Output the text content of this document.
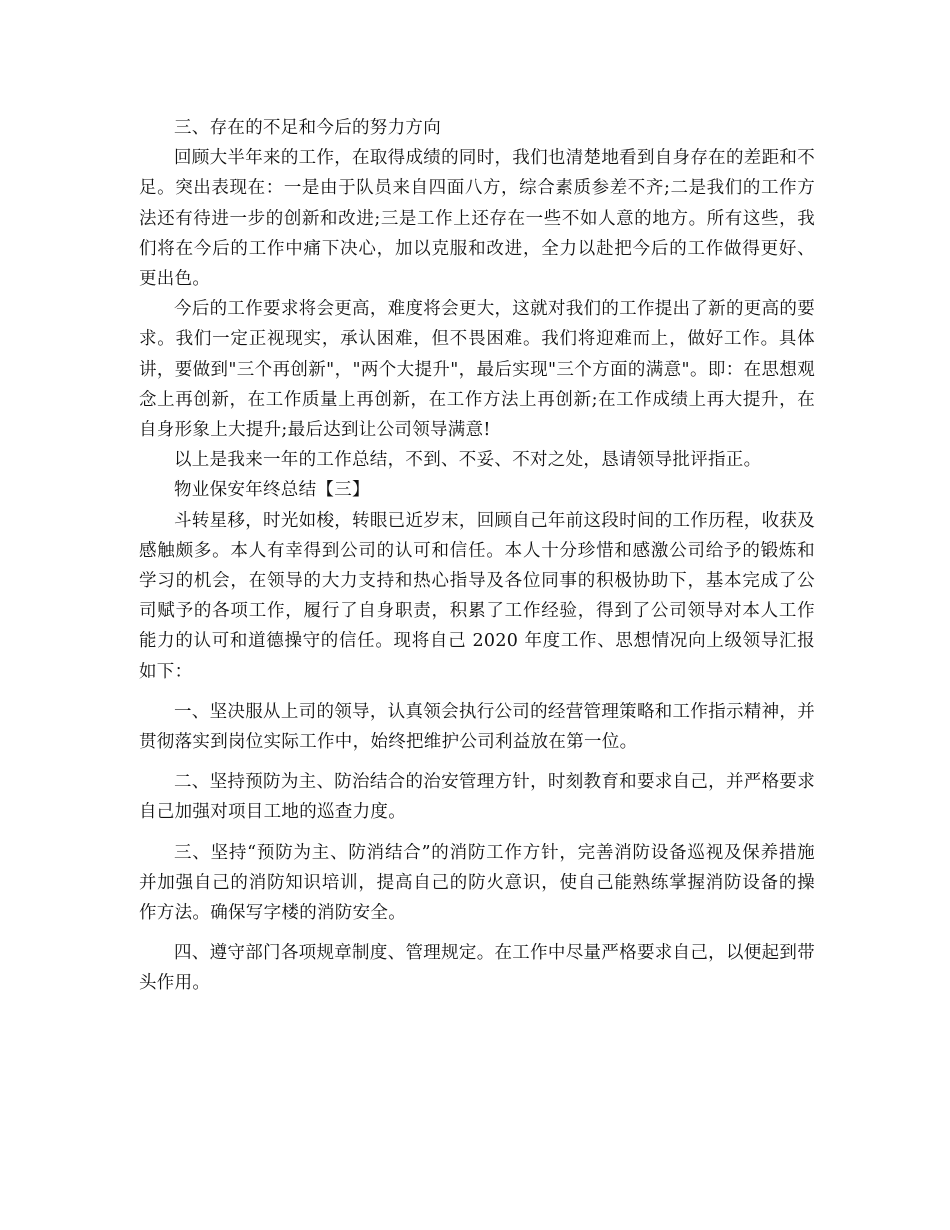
三、存在的不足和今后的努力方向

回顾大半年来的工作，在取得成绩的同时，我们也清楚地看到自身存在的差距和不足。突出表现在：一是由于队员来自四面八方，综合素质参差不齐;二是我们的工作方法还有待进一步的创新和改进;三是工作上还存在一些不如人意的地方。所有这些，我们将在今后的工作中痛下决心，加以克服和改进，全力以赴把今后的工作做得更好、更出色。

今后的工作要求将会更高，难度将会更大，这就对我们的工作提出了新的更高的要求。我们一定正视现实，承认困难，但不畏困难。我们将迎难而上，做好工作。具体讲，要做到"三个再创新"，"两个大提升"，最后实现"三个方面的满意"。即：在思想观念上再创新，在工作质量上再创新，在工作方法上再创新;在工作成绩上再大提升，在自身形象上大提升;最后达到让公司领导满意!

以上是我来一年的工作总结，不到、不妥、不对之处，恳请领导批评指正。

物业保安年终总结【三】

斗转星移，时光如梭，转眼已近岁末，回顾自己年前这段时间的工作历程，收获及感触颇多。本人有幸得到公司的认可和信任。本人十分珍惜和感激公司给予的锻炼和学习的机会，在领导的大力支持和热心指导及各位同事的积极协助下，基本完成了公司赋予的各项工作，履行了自身职责，积累了工作经验，得到了公司领导对本人工作能力的认可和道德操守的信任。现将自己 2020 年度工作、思想情况向上级领导汇报如下：

一、坚决服从上司的领导，认真领会执行公司的经营管理策略和工作指示精神，并贯彻落实到岗位实际工作中，始终把维护公司利益放在第一位。

二、坚持预防为主、防治结合的治安管理方针，时刻教育和要求自己，并严格要求自己加强对项目工地的巡查力度。

三、坚持“预防为主、防消结合”的消防工作方针，完善消防设备巡视及保养措施并加强自己的消防知识培训，提高自己的防火意识，使自己能熟练掌握消防设备的操作方法。确保写字楼的消防安全。

四、遵守部门各项规章制度、管理规定。在工作中尽量严格要求自己，以便起到带头作用。
